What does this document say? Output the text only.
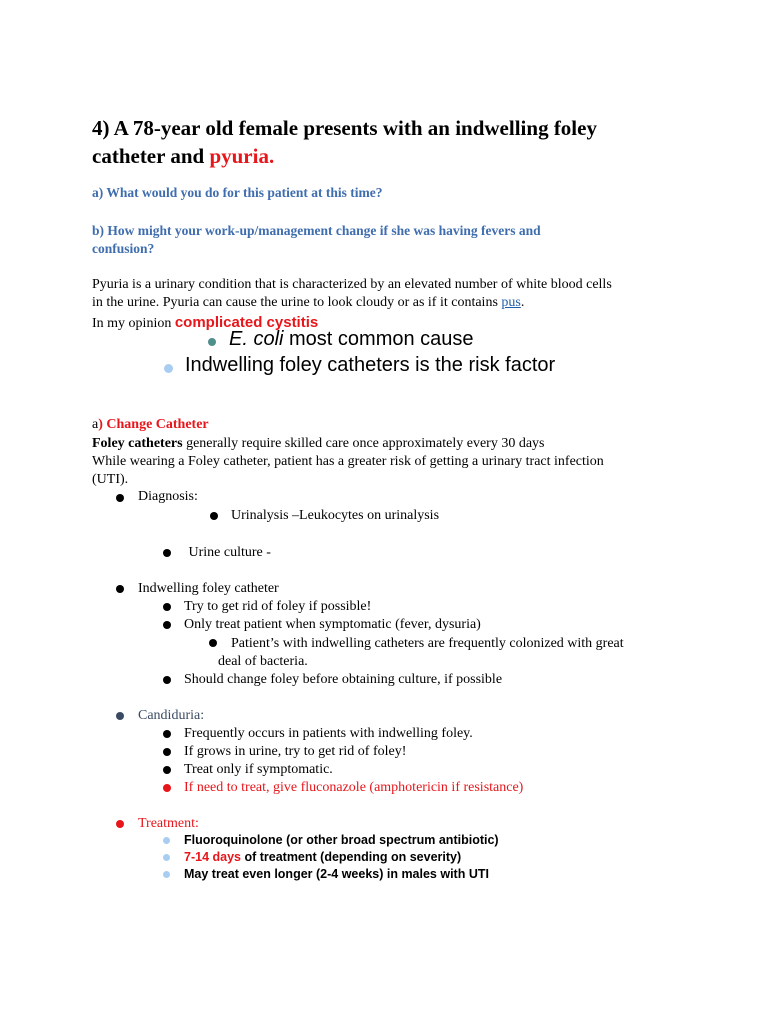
4) A 78-year old female presents with an indwelling foley
catheter and pyuria.
a) What would you do for this patient at this time?
b) How might your work-up/management change if she was having fevers and
confusion?
Pyuria is a urinary condition that is characterized by an elevated number of white blood cells
in the urine. Pyuria can cause the urine to look cloudy or as if it contains pus.
In my opinion complicated cystitis
E. coli most common cause
Indwelling foley catheters is the risk factor
a) Change Catheter
Foley catheters generally require skilled care once approximately every 30 days
While wearing a Foley catheter, patient has a greater risk of getting a urinary tract infection
(UTI).
Diagnosis:
Urinalysis –Leukocytes on urinalysis
Urine culture -
Indwelling foley catheter
Try to get rid of foley if possible!
Only treat patient when symptomatic (fever, dysuria)
Patient’s with indwelling catheters are frequently colonized with great
deal of bacteria.
Should change foley before obtaining culture, if possible
Candiduria:
Frequently occurs in patients with indwelling foley.
If grows in urine, try to get rid of foley!
Treat only if symptomatic.
If need to treat, give fluconazole (amphotericin if resistance)
Treatment:
Fluoroquinolone (or other broad spectrum antibiotic)
7-14 days of treatment (depending on severity)
May treat even longer (2-4 weeks) in males with UTI
